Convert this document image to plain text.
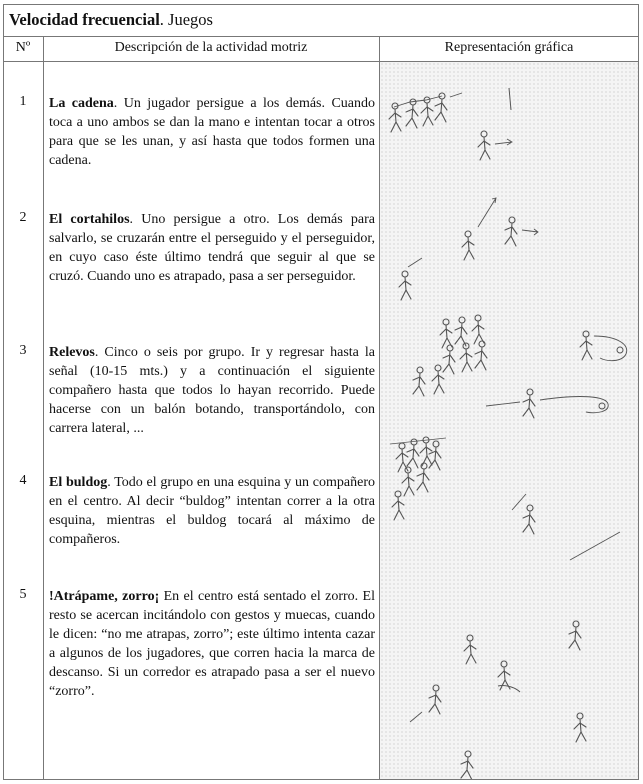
Velocidad frecuencial. Juegos
Nº	Descripción de la actividad motriz	Representación gráfica
1	La cadena. Un jugador persigue a los demás. Cuando toca a uno ambos se dan la mano e intentan tocar a otros para que se les unan, y así hasta que todos formen una cadena.
2	El cortahilos. Uno persigue a otro. Los demás para salvarlo, se cruzarán entre el perseguido y el perseguidor, en cuyo caso éste último tendrá que seguir al que se cruzó. Cuando uno es atrapado, pasa a ser perseguidor.
3	Relevos. Cinco o seis por grupo. Ir y regresar hasta la señal (10-15 mts.) y a continuación el siguiente compañero hasta que todos lo hayan recorrido. Puede hacerse con un balón botando, transportándolo, con carrera lateral, ...
4	El buldog. Todo el grupo en una esquina y un compañero en el centro. Al decir “buldog” intentan correr a la otra esquina, mientras el buldog tocará al máximo de compañeros.
5	!Atrápame, zorro¡ En el centro está sentado el zorro. El resto se acercan incitándolo con gestos y muecas, cuando le dicen: “no me atrapas, zorro”; este último intenta cazar a algunos de los jugadores, que corren hacia la marca de descanso. Si un corredor es atrapado pasa a ser el nuevo “zorro”.
